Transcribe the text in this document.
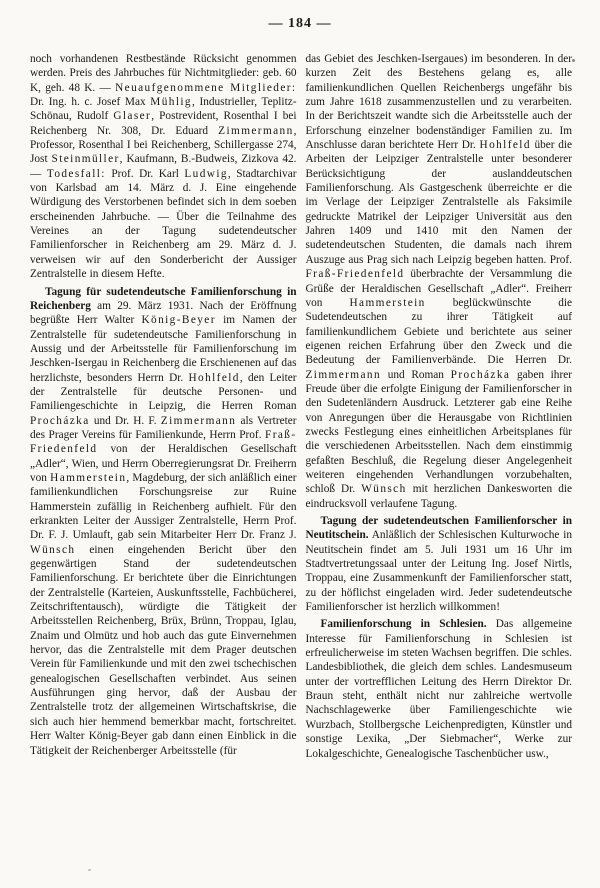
— 184 —

noch vorhandenen Restbestände Rücksicht genommen werden. Preis des Jahrbuches für Nichtmitglieder: geb. 60 K, geh. 48 K. — Neuaufgenommene Mitglieder: Dr. Ing. h. c. Josef Max Mühlig, Industrieller, Teplitz-Schönau, Rudolf Glaser, Postrevident, Rosenthal I bei Reichenberg Nr. 308, Dr. Eduard Zimmermann, Professor, Rosenthal I bei Reichenberg, Schillergasse 274, Jost Steinmüller, Kaufmann, B.-Budweis, Zizkova 42. — Todesfall: Prof. Dr. Karl Ludwig, Stadtarchivar von Karlsbad am 14. März d. J. Eine eingehende Würdigung des Verstorbenen befindet sich in dem soeben erscheinenden Jahrbuche. — Über die Teilnahme des Vereines an der Tagung sudetendeutscher Familienforscher in Reichenberg am 29. März d. J. verweisen wir auf den Sonderbericht der Aussiger Zentralstelle in diesem Hefte.

Tagung für sudetendeutsche Familienforschung in Reichenberg am 29. März 1931. Nach der Eröffnung begrüßte Herr Walter König-Beyer im Namen der Zentralstelle für sudetendeutsche Familienforschung in Aussig und der Arbeitsstelle für Familienforschung im Jeschken-Isergau in Reichenberg die Erschienenen auf das herzlichste, besonders Herrn Dr. Hohlfeld, den Leiter der Zentralstelle für deutsche Personen- und Familiengeschichte in Leipzig, die Herren Roman Procházka und Dr. H. F. Zimmermann als Vertreter des Prager Vereins für Familienkunde, Herrn Prof. Fraß-Friedenfeld von der Heraldischen Gesellschaft „Adler“, Wien, und Herrn Oberregierungsrat Dr. Freiherrn von Hammerstein, Magdeburg, der sich anläßlich einer familienkundlichen Forschungsreise zur Ruine Hammerstein zufällig in Reichenberg aufhielt. Für den erkrankten Leiter der Aussiger Zentralstelle, Herrn Prof. Dr. F. J. Umlauft, gab sein Mitarbeiter Herr Dr. Franz J. Wünsch einen eingehenden Bericht über den gegenwärtigen Stand der sudetendeutschen Familienforschung. Er berichtete über die Einrichtungen der Zentralstelle (Karteien, Auskunftsstelle, Fachbücherei, Zeitschriftentausch), würdigte die Tätigkeit der Arbeitsstellen Reichenberg, Brüx, Brünn, Troppau, Iglau, Znaim und Olmütz und hob auch das gute Einvernehmen hervor, das die Zentralstelle mit dem Prager deutschen Verein für Familienkunde und mit den zwei tschechischen genealogischen Gesellschaften verbindet. Aus seinen Ausführungen ging hervor, daß der Ausbau der Zentralstelle trotz der allgemeinen Wirtschaftskrise, die sich auch hier hemmend bemerkbar macht, fortschreitet. Herr Walter König-Beyer gab dann einen Einblick in die Tätigkeit der Reichenberger Arbeitsstelle (für

das Gebiet des Jeschken-Isergaues) im besonderen. In der kurzen Zeit des Bestehens gelang es, alle familienkundlichen Quellen Reichenbergs ungefähr bis zum Jahre 1618 zusammenzustellen und zu verarbeiten. In der Berichtszeit wandte sich die Arbeitsstelle auch der Erforschung einzelner bodenständiger Familien zu. Im Anschlusse daran berichtete Herr Dr. Hohlfeld über die Arbeiten der Leipziger Zentralstelle unter besonderer Berücksichtigung der auslanddeutschen Familienforschung. Als Gastgeschenk überreichte er die im Verlage der Leipziger Zentralstelle als Faksimile gedruckte Matrikel der Leipziger Universität aus den Jahren 1409 und 1410 mit den Namen der sudetendeutschen Studenten, die damals nach ihrem Auszuge aus Prag sich nach Leipzig begeben hatten. Prof. Fraß-Friedenfeld überbrachte der Versammlung die Grüße der Heraldischen Gesellschaft „Adler“. Freiherr von Hammerstein beglückwünschte die Sudetendeutschen zu ihrer Tätigkeit auf familienkundlichem Gebiete und berichtete aus seiner eigenen reichen Erfahrung über den Zweck und die Bedeutung der Familienverbände. Die Herren Dr. Zimmermann und Roman Procházka gaben ihrer Freude über die erfolgte Einigung der Familienforscher in den Sudetenländern Ausdruck. Letzterer gab eine Reihe von Anregungen über die Herausgabe von Richtlinien zwecks Festlegung eines einheitlichen Arbeitsplanes für die verschiedenen Arbeitsstellen. Nach dem einstimmig gefaßten Beschluß, die Regelung dieser Angelegenheit weiteren eingehenden Verhandlungen vorzubehalten, schloß Dr. Wünsch mit herzlichen Dankesworten die eindrucksvoll verlaufene Tagung.

Tagung der sudetendeutschen Familienforscher in Neutitschein. Anläßlich der Schlesischen Kulturwoche in Neutitschein findet am 5. Juli 1931 um 16 Uhr im Stadtvertretungssaal unter der Leitung Ing. Josef Nirtls, Troppau, eine Zusammenkunft der Familienforscher statt, zu der höflichst eingeladen wird. Jeder sudetendeutsche Familienforscher ist herzlich willkommen!

Familienforschung in Schlesien. Das allgemeine Interesse für Familienforschung in Schlesien ist erfreulicherweise im steten Wachsen begriffen. Die schles. Landesbibliothek, die gleich dem schles. Landesmuseum unter der vortrefflichen Leitung des Herrn Direktor Dr. Braun steht, enthält nicht nur zahlreiche wertvolle Nachschlagewerke über Familiengeschichte wie Wurzbach, Stollbergsche Leichenpredigten, Künstler und sonstige Lexika, „Der Siebmacher“, Werke zur Lokalgeschichte, Genealogische Taschenbücher usw.,
